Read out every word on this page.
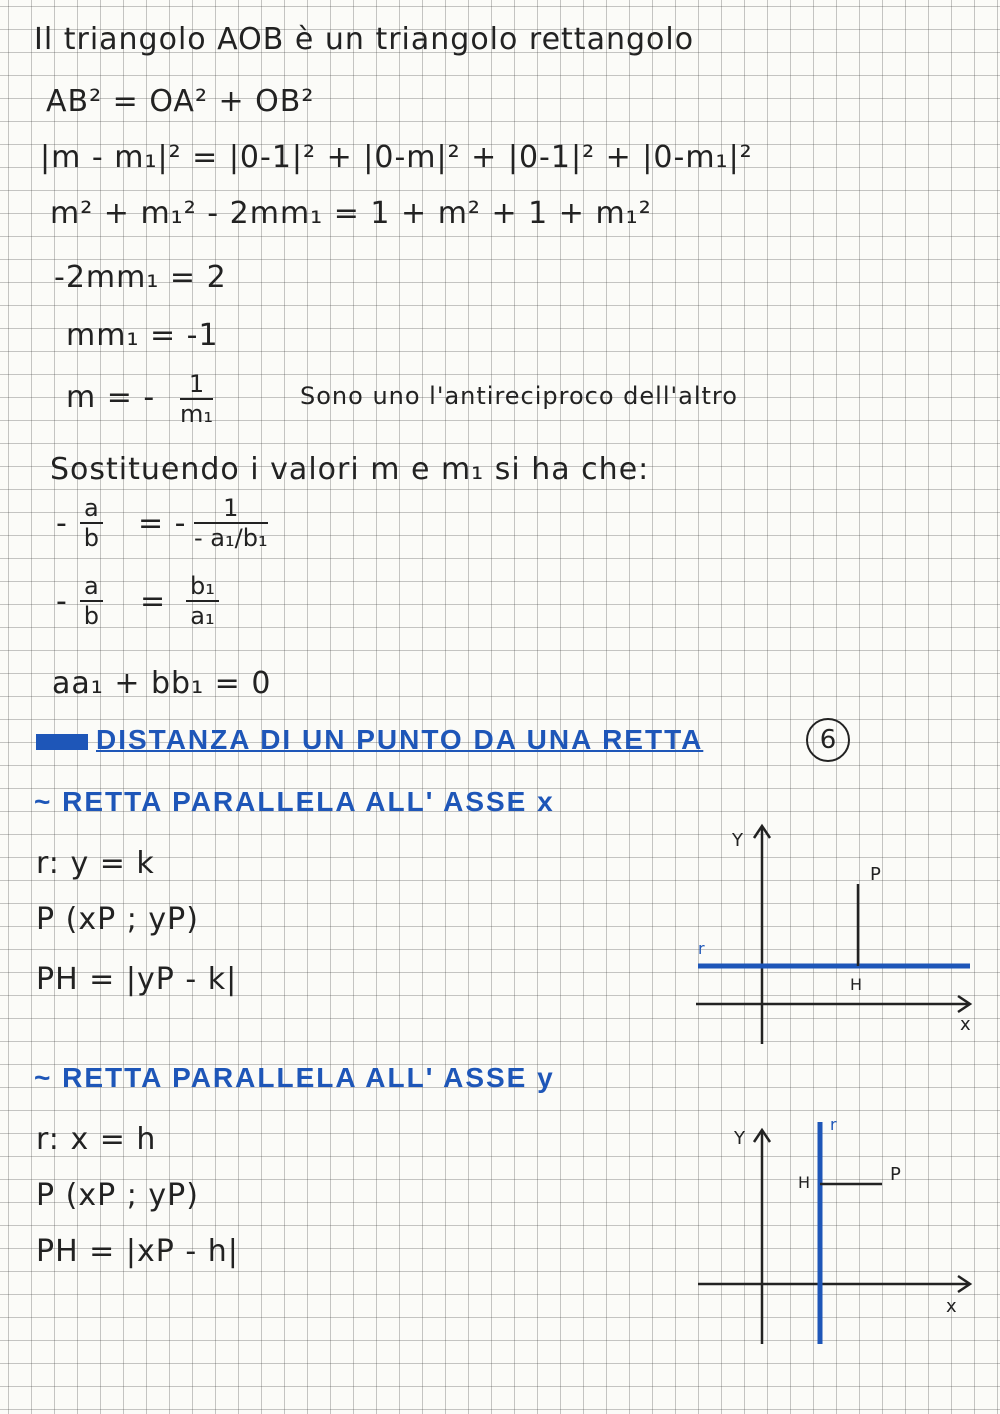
Il triangolo AOB è un triangolo rettangolo
AB² = OA² + OB²
|m - m₁|² = |0-1|² + |0-m|² + |0-1|² + |0-m₁|²
m² + m₁² - 2mm₁ = 1 + m² + 1 + m₁²
-2mm₁ = 2
mm₁ = -1
m = - $\frac{1}{\text{m₁}}$	Sono uno l'antireciproco dell'altro
Sostituendo i valori m e m₁ si ha che:
- $\frac{a}{b}$ = - $\frac{1}{\text{- a₁/b₁}}$
- $\frac{a}{b} = \frac{\text{b₁}}{\text{a₁}}$
aa₁ + bb₁ = 0
DISTANZA DI UN PUNTO DA UNA RETTA	6
~ RETTA PARALLELA ALL' ASSE x
r: y = k
P (xP ; yP)
PH = |yP - k|
Y
P
r
H
x
~ RETTA PARALLELA ALL' ASSE y
r: x = h
P (xP ; yP)
PH = |xP - h|
Y
r
H	P
x
